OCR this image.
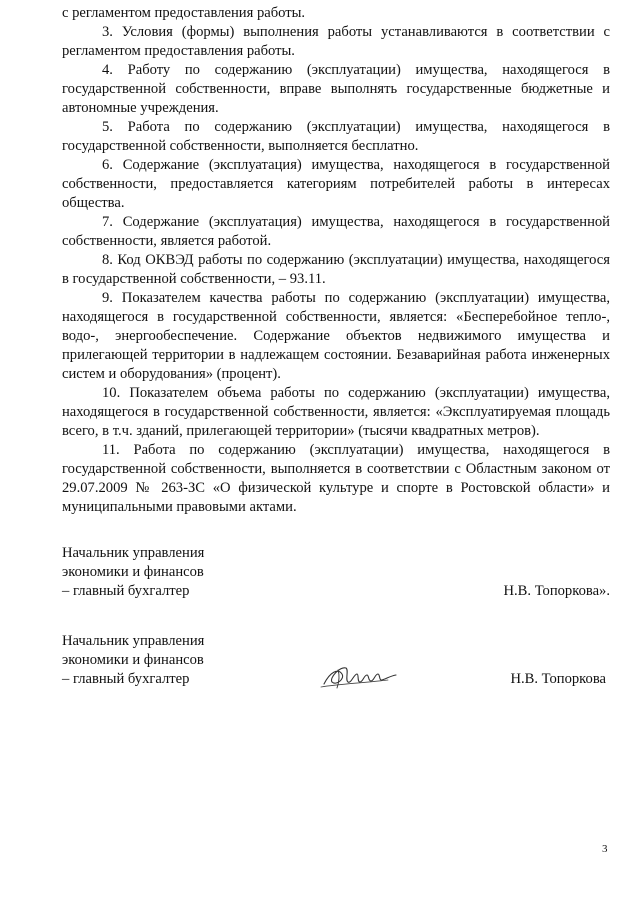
с регламентом предоставления работы.

3. Условия (формы) выполнения работы устанавливаются в соответствии с регламентом предоставления работы.

4. Работу по содержанию (эксплуатации) имущества, находящегося в государственной собственности, вправе выполнять государственные бюджетные и автономные учреждения.

5. Работа по содержанию (эксплуатации) имущества, находящегося в государственной собственности, выполняется бесплатно.

6. Содержание (эксплуатация) имущества, находящегося в государственной собственности, предоставляется категориям потребителей работы в интересах общества.

7. Содержание (эксплуатация) имущества, находящегося в государственной собственности, является работой.

8. Код ОКВЭД работы по содержанию (эксплуатации) имущества, находящегося в государственной собственности, – 93.11.

9. Показателем качества работы по содержанию (эксплуатации) имущества, находящегося в государственной собственности, является: «Бесперебойное тепло-, водо-, энергообеспечение. Содержание объектов недвижимого имущества и прилегающей территории в надлежащем состоянии. Безаварийная работа инженерных систем и оборудования» (процент).

10. Показателем объема работы по содержанию (эксплуатации) имущества, находящегося в государственной собственности, является: «Эксплуатируемая площадь всего, в т.ч. зданий, прилегающей территории» (тысячи квадратных метров).

11. Работа по содержанию (эксплуатации) имущества, находящегося в государственной собственности, выполняется в соответствии с Областным законом от 29.07.2009 № 263-ЗС «О физической культуре и спорте в Ростовской области» и муниципальными правовыми актами.

Начальник управления
экономики и финансов
– главный бухгалтер	Н.В. Топоркова».
Начальник управления
экономики и финансов
– главный бухгалтер	Н.В. Топоркова
3
